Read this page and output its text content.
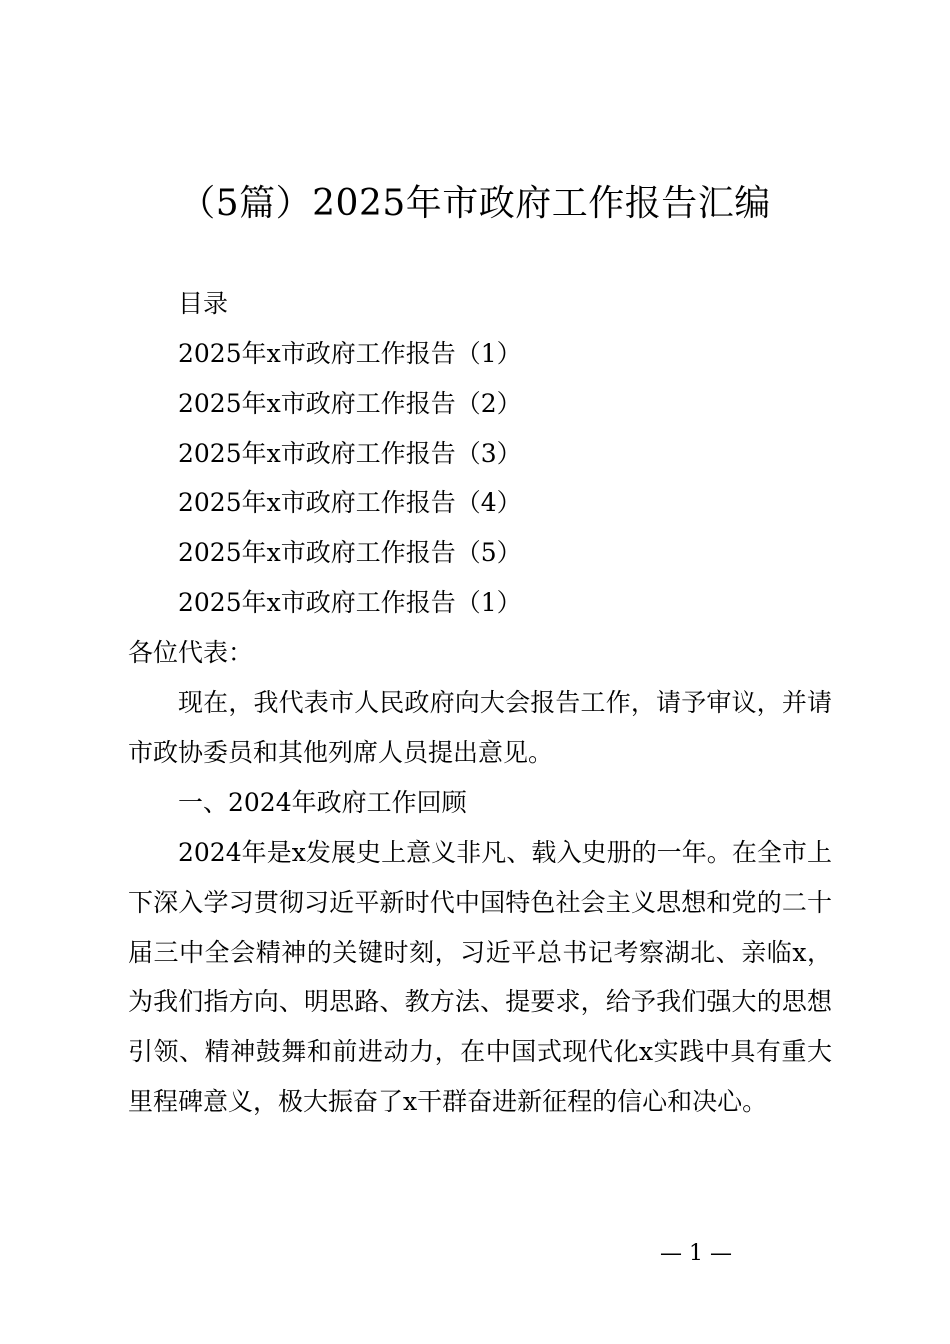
（5篇）2025年市政府工作报告汇编
目录
2025年x市政府工作报告（1）
2025年x市政府工作报告（2）
2025年x市政府工作报告（3）
2025年x市政府工作报告（4）
2025年x市政府工作报告（5）
2025年x市政府工作报告（1）
各位代表：

现在，我代表市人民政府向大会报告工作，请予审议，并请市政协委员和其他列席人员提出意见。

一、2024年政府工作回顾

2024年是x发展史上意义非凡、载入史册的一年。在全市上下深入学习贯彻习近平新时代中国特色社会主义思想和党的二十届三中全会精神的关键时刻，习近平总书记考察湖北、亲临x，为我们指方向、明思路、教方法、提要求，给予我们强大的思想引领、精神鼓舞和前进动力，在中国式现代化x实践中具有重大里程碑意义，极大振奋了x干群奋进新征程的信心和决心。

— 1 —
